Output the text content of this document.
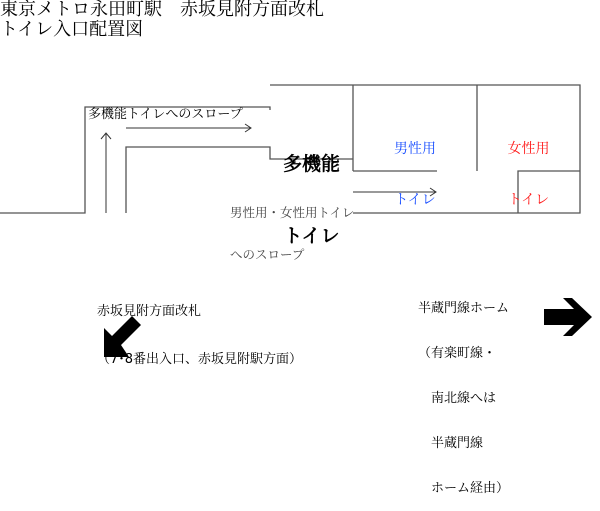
東京メトロ永田町駅　赤坂見附方面改札
トイレ入口配置図
多機能トイレへのスロープ

多機能

トイレ

男性用

トイレ

女性用

トイレ

男性用・女性用トイレ

へのスロープ

赤坂見附方面改札

（7･8番出入口、赤坂見附駅方面）

半蔵門線ホーム

（有楽町線・

　南北線へは

　半蔵門線

　ホーム経由）
